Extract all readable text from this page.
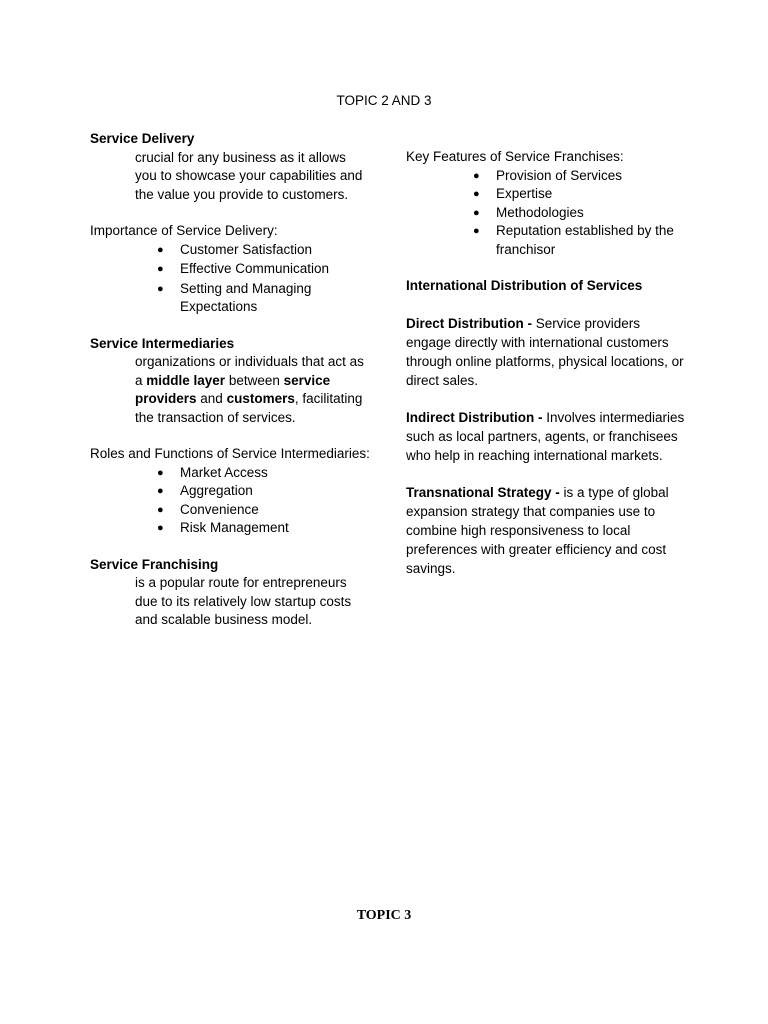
TOPIC 2 AND 3
Service Delivery
crucial for any business as it allows you to showcase your capabilities and the value you provide to customers.
Importance of Service Delivery:
● Customer Satisfaction
● Effective Communication
● Setting and Managing Expectations
Service Intermediaries
organizations or individuals that act as a middle layer between service providers and customers, facilitating the transaction of services.
Roles and Functions of Service Intermediaries:
● Market Access
● Aggregation
● Convenience
● Risk Management
Service Franchising
is a popular route for entrepreneurs due to its relatively low startup costs and scalable business model.
Key Features of Service Franchises:
● Provision of Services
● Expertise
● Methodologies
● Reputation established by the franchisor
International Distribution of Services
Direct Distribution - Service providers engage directly with international customers through online platforms, physical locations, or direct sales.
Indirect Distribution - Involves intermediaries such as local partners, agents, or franchisees who help in reaching international markets.
Transnational Strategy - is a type of global expansion strategy that companies use to combine high responsiveness to local preferences with greater efficiency and cost savings.
TOPIC 3
